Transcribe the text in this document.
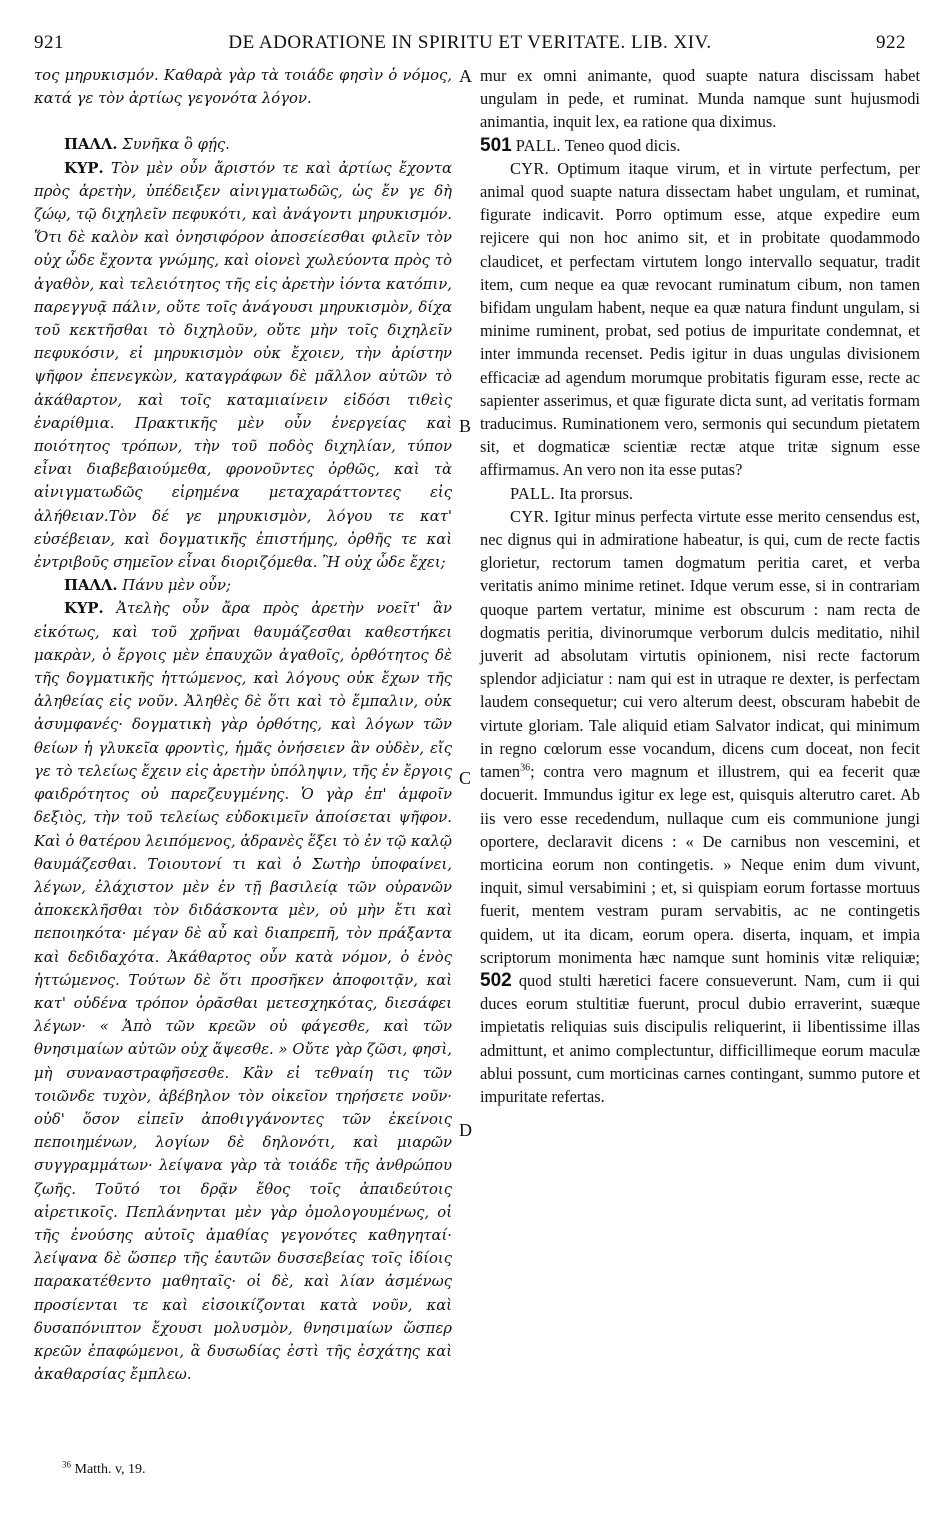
921	DE ADORATIONE IN SPIRITU ET VERITATE. LIB. XIV.	922
A
B
C
D

τος μηρυκισμόν. Καθαρὰ γὰρ τὰ τοιάδε φησὶν ὁ νόμος, κατά γε τὸν ἀρτίως γεγονότα λόγον.

ΠΑΛΛ. Συνῆκα ὃ φῄς.

ΚΥΡ. Τὸν μὲν οὖν ἄριστόν τε καὶ ἀρτίως ἔχοντα πρὸς ἀρετὴν, ὑπέδειξεν αἰνιγματωδῶς, ὡς ἔν γε δὴ ζώῳ, τῷ διχηλεῖν πεφυκότι, καὶ ἀνάγοντι μηρυκισμόν. Ὅτι δὲ καλὸν καὶ ὀνησιφόρον ἀποσείεσθαι φιλεῖν τὸν οὐχ ὧδε ἔχοντα γνώμης, καὶ οἱονεὶ χωλεύοντα πρὸς τὸ ἀγαθὸν, καὶ τελειότητος τῆς εἰς ἀρετὴν ἰόντα κατόπιν, παρεγγυᾷ πάλιν, οὔτε τοῖς ἀνάγουσι μηρυκισμὸν, δίχα τοῦ κεκτῆσθαι τὸ διχηλοῦν, οὔτε μὴν τοῖς διχηλεῖν πεφυκόσιν, εἰ μηρυκισμὸν οὐκ ἔχοιεν, τὴν ἀρίστην ψῆφον ἐπενεγκὼν, καταγράφων δὲ μᾶλλον αὐτῶν τὸ ἀκάθαρτον, καὶ τοῖς καταμιαίνειν εἰδόσι τιθεὶς ἐναρίθμια. Πρακτικῆς μὲν οὖν ἐνεργείας καὶ ποιότητος τρόπων, τὴν τοῦ ποδὸς διχηλίαν, τύπον εἶναι διαβεβαιούμεθα, φρονοῦντες ὀρθῶς, καὶ τὰ αἰνιγματωδῶς εἰρημένα μεταχαράττοντες εἰς ἀλήθειαν.Τὸν δέ γε μηρυκισμὸν, λόγου τε κατ' εὐσέβειαν, καὶ δογματικῆς ἐπιστήμης, ὀρθῆς τε καὶ ἐντριβοῦς σημεῖον εἶναι διοριζόμεθα. Ἢ οὐχ ὧδε ἔχει;

ΠΑΛΛ. Πάνυ μὲν οὖν;

ΚΥΡ. Ἀτελὴς οὖν ἄρα πρὸς ἀρετὴν νοεῖτ' ἂν εἰκότως, καὶ τοῦ χρῆναι θαυμάζεσθαι καθεστήκει μακρὰν, ὁ ἔργοις μὲν ἐπαυχῶν ἀγαθοῖς, ὀρθότητος δὲ τῆς δογματικῆς ἡττώμενος, καὶ λόγους οὐκ ἔχων τῆς ἀληθείας εἰς νοῦν. Ἀληθὲς δὲ ὅτι καὶ τὸ ἔμπαλιν, οὐκ ἀσυμφανές· δογματικὴ γὰρ ὀρθότης, καὶ λόγων τῶν θείων ἡ γλυκεῖα φροντὶς, ἡμᾶς ὀνήσειεν ἂν οὐδὲν, εἴς γε τὸ τελείως ἔχειν εἰς ἀρετὴν ὑπόληψιν, τῆς ἐν ἔργοις φαιδρότητος οὐ παρεζευγμένης. Ὁ γὰρ ἐπ' ἀμφοῖν δεξιὸς, τὴν τοῦ τελείως εὐδοκιμεῖν ἀποίσεται ψῆφον. Καὶ ὁ θατέρου λειπόμενος, ἀδρανὲς ἕξει τὸ ἐν τῷ καλῷ θαυμάζεσθαι. Τοιουτονί τι καὶ ὁ Σωτὴρ ὑποφαίνει, λέγων, ἐλάχιστον μὲν ἐν τῇ βασιλείᾳ τῶν οὐρανῶν ἀποκεκλῆσθαι τὸν διδάσκοντα μὲν, οὐ μὴν ἔτι καὶ πεποιηκότα· μέγαν δὲ αὖ καὶ διαπρεπῆ, τὸν πράξαντα καὶ δεδιδαχότα. Ἀκάθαρτος οὖν κατὰ νόμον, ὁ ἑνὸς ἡττώμενος. Τούτων δὲ ὅτι προσῆκεν ἀποφοιτᾷν, καὶ κατ' οὐδένα τρόπον ὁρᾶσθαι μετεσχηκότας, διεσάφει λέγων· « Ἀπὸ τῶν κρεῶν οὐ φάγεσθε, καὶ τῶν θνησιμαίων αὐτῶν οὐχ ἅψεσθε. » Οὔτε γὰρ ζῶσι, φησὶ, μὴ συναναστραφῆσεσθε. Κἂν εἰ τεθναίη τις τῶν τοιῶνδε τυχὸν, ἀβέβηλον τὸν οἰκεῖον τηρήσετε νοῦν· οὐδ' ὅσον εἰπεῖν ἀποθιγγάνοντες τῶν ἐκείνοις πεποιημένων, λογίων δὲ δηλονότι, καὶ μιαρῶν συγγραμμάτων· λείψανα γὰρ τὰ τοιάδε τῆς ἀνθρώπου ζωῆς. Τοῦτό τοι δρᾷν ἔθος τοῖς ἀπαιδεύτοις αἱρετικοῖς. Πεπλάνηνται μὲν γὰρ ὁμολογουμένως, οἱ τῆς ἐνούσης αὐτοῖς ἀμαθίας γεγονότες καθηγηταί· λείψανα δὲ ὥσπερ τῆς ἑαυτῶν δυσσεβείας τοῖς ἰδίοις παρακατέθεντο μαθηταῖς· οἱ δὲ, καὶ λίαν ἀσμένως προσίενται τε καὶ εἰσοικίζονται κατὰ νοῦν, καὶ δυσαπόνιπτον ἔχουσι μολυσμὸν, θνησιμαίων ὥσπερ κρεῶν ἐπαφώμενοι, ἃ δυσωδίας ἐστὶ τῆς ἐσχάτης καὶ ἀκαθαρσίας ἔμπλεω.

mur ex omni animante, quod suapte natura discissam habet ungulam in pede, et ruminat. Munda namque sunt hujusmodi animantia, inquit lex, ea ratione qua diximus.

501 PALL. Teneo quod dicis.

CYR. Optimum itaque virum, et in virtute perfectum, per animal quod suapte natura dissectam habet ungulam, et ruminat, figurate indicavit. Porro optimum esse, atque expedire eum rejicere qui non hoc animo sit, et in probitate quodammodo claudicet, et perfectam virtutem longo intervallo sequatur, tradit item, cum neque ea quæ revocant ruminatum cibum, non tamen bifidam ungulam habent, neque ea quæ natura findunt ungulam, si minime ruminent, probat, sed potius de impuritate condemnat, et inter immunda recenset. Pedis igitur in duas ungulas divisionem efficaciæ ad agendum morumque probitatis figuram esse, recte ac sapienter asserimus, et quæ figurate dicta sunt, ad veritatis formam traducimus. Ruminationem vero, sermonis qui secundum pietatem sit, et dogmaticæ scientiæ rectæ atque tritæ signum esse affirmamus. An vero non ita esse putas?

PALL. Ita prorsus.

CYR. Igitur minus perfecta virtute esse merito censendus est, nec dignus qui in admiratione habeatur, is qui, cum de recte factis glorietur, rectorum tamen dogmatum peritia caret, et verba veritatis animo minime retinet. Idque verum esse, si in contrariam quoque partem vertatur, minime est obscurum : nam recta de dogmatis peritia, divinorumque verborum dulcis meditatio, nihil juverit ad absolutam virtutis opinionem, nisi recte factorum splendor adjiciatur : nam qui est in utraque re dexter, is perfectam laudem consequetur; cui vero alterum deest, obscuram habebit de virtute gloriam. Tale aliquid etiam Salvator indicat, qui minimum in regno cœlorum esse vocandum, dicens cum doceat, non fecit tamen$^{36}$; contra vero magnum et illustrem, qui ea fecerit quæ docuerit. Immundus igitur ex lege est, quisquis alterutro caret. Ab iis vero esse recedendum, nullaque cum eis communione jungi oportere, declaravit dicens : « De carnibus non vescemini, et morticina eorum non contingetis. » Neque enim dum vivunt, inquit, simul versabimini ; et, si quispiam eorum fortasse mortuus fuerit, mentem vestram puram servabitis, ac ne contingetis quidem, ut ita dicam, eorum opera. diserta, inquam, et impia scriptorum monimenta hæc namque sunt hominis vitæ reliquiæ; 502 quod stulti hæretici facere consueverunt. Nam, cum ii qui duces eorum stultitiæ fuerunt, procul dubio erraverint, suæque impietatis reliquias suis discipulis reliquerint, ii libentissime illas admittunt, et animo complectuntur, difficillimeque eorum maculæ ablui possunt, cum morticinas carnes contingant, summo putore et impuritate refertas.

$^{36}$ Matth. v, 19.
